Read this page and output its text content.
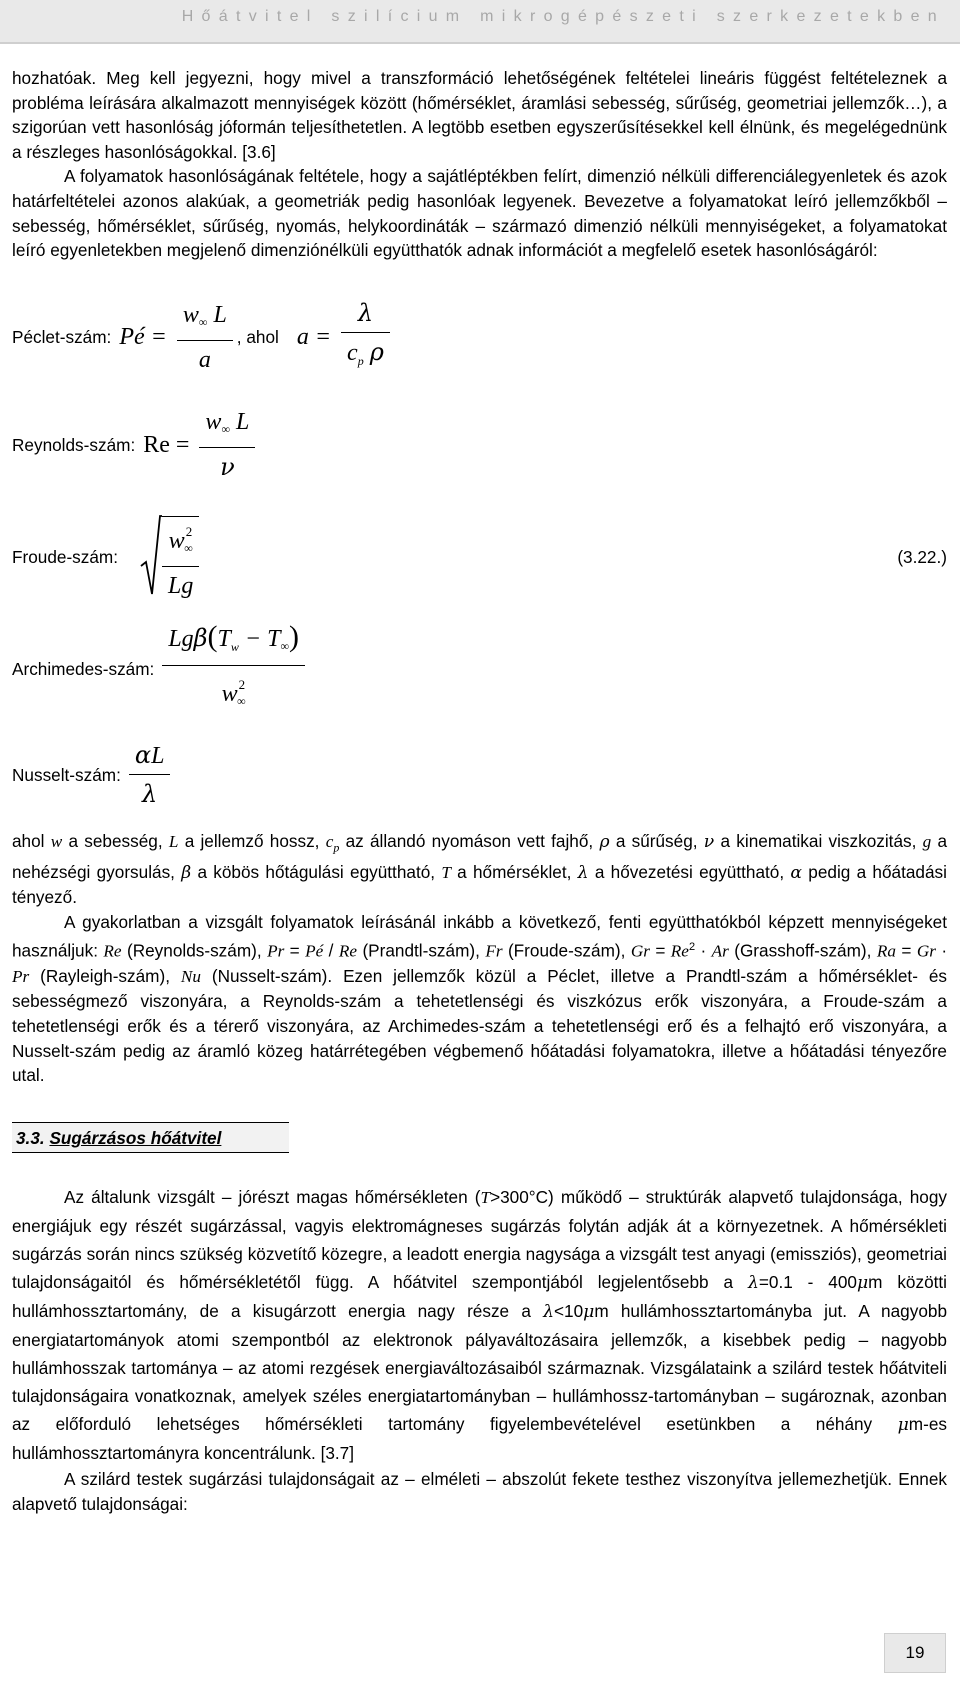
Hőátvitel szilícium mikrogépészeti szerkezetekben

hozhatóak. Meg kell jegyezni, hogy mivel a transzformáció lehetőségének feltételei lineáris függést feltételeznek a probléma leírására alkalmazott mennyiségek között (hőmérséklet, áramlási sebesség, sűrűség, geometriai jellemzők…), a szigorúan vett hasonlóság jóformán teljesíthetetlen. A legtöbb esetben egyszerűsítésekkel kell élnünk, és megelégednünk a részleges hasonlóságokkal. [3.6]

A folyamatok hasonlóságának feltétele, hogy a sajátléptékben felírt, dimenzió nélküli differenciálegyenletek és azok határfeltételei azonos alakúak, a geometriák pedig hasonlóak legyenek. Bevezetve a folyamatokat leíró jellemzőkből – sebesség, hőmérséklet, sűrűség, nyomás, helykoordináták – származó dimenzió nélküli mennyiségeket, a folyamatokat leíró egyenletekben megjelenő dimenziónélküli együtthatók adnak információt a megfelelő esetek hasonlóságáról:

Péclet-szám: Pé = $\frac{w\infty L}{a}$ , ahol $a = \frac{\lambda}{c_p \rho}$
Reynolds-szám: $Re = \frac{w\infty L}{\nu}$
Froude-szám: $\frac{w^2\infty}{Lg}$	(3.22.)
Archimedes-szám: $\frac{Lg\beta(T_w - T\infty)}{w^2\infty}$
Nusselt-szám: $\frac{\alpha L}{\lambda}$

ahol w a sebesség, L a jellemző hossz, $c_p$ az állandó nyomáson vett fajhő, ρ a sűrűség, ν a kinematikai viszkozitás, g a nehézségi gyorsulás, β a köbös hőtágulási együttható, T a hőmérséklet, λ a hővezetési együttható, α pedig a hőátadási tényező.

A gyakorlatban a vizsgált folyamatok leírásánál inkább a következő, fenti együtthatókból képzett mennyiségeket használjuk: Re (Reynolds-szám), Pr = Pé / Re (Prandtl-szám), Fr (Froude-szám), $Gr = Re^2 \cdot Ar$ (Grasshoff-szám), Ra = Gr · Pr (Rayleigh-szám), Nu (Nusselt-szám). Ezen jellemzők közül a Péclet, illetve a Prandtl-szám a hőmérséklet- és sebességmező viszonyára, a Reynolds-szám a tehetetlenségi és viszkózus erők viszonyára, a Froude-szám a tehetetlenségi erők és a térerő viszonyára, az Archimedes-szám a tehetetlenségi erő és a felhajtó erő viszonyára, a Nusselt-szám pedig az áramló közeg határrétegében végbemenő hőátadási folyamatokra, illetve a hőátadási tényezőre utal.

3.3. Sugárzásos hőátvitel

Az általunk vizsgált – jórészt magas hőmérsékleten (T>300°C) működő – struktúrák alapvető tulajdonsága, hogy energiájuk egy részét sugárzással, vagyis elektromágneses sugárzás folytán adják át a környezetnek. A hőmérsékleti sugárzás során nincs szükség közvetítő közegre, a leadott energia nagysága a vizsgált test anyagi (emissziós), geometriai tulajdonságaitól és hőmérsékletétől függ. A hőátvitel szempontjából legjelentősebb a λ=0.1 - 400μm közötti hullámhossztartomány, de a kisugárzott energia nagy része a λ<10μm hullámhossztartományba jut. A nagyobb energiatartományok atomi szempontból az elektronok pályaváltozásaira jellemzők, a kisebbek pedig – nagyobb hullámhosszak tartománya – az atomi rezgések energiaváltozásaiból származnak. Vizsgálataink a szilárd testek hőátviteli tulajdonságaira vonatkoznak, amelyek széles energiatartományban – hullámhossz-tartományban – sugároznak, azonban az előforduló lehetséges hőmérsékleti tartomány figyelembevételével esetünkben a néhány μm-es hullámhossztartományra koncentrálunk. [3.7]

A szilárd testek sugárzási tulajdonságait az – elméleti – abszolút fekete testhez viszonyítva jellemezhetjük. Ennek alapvető tulajdonságai:

19
